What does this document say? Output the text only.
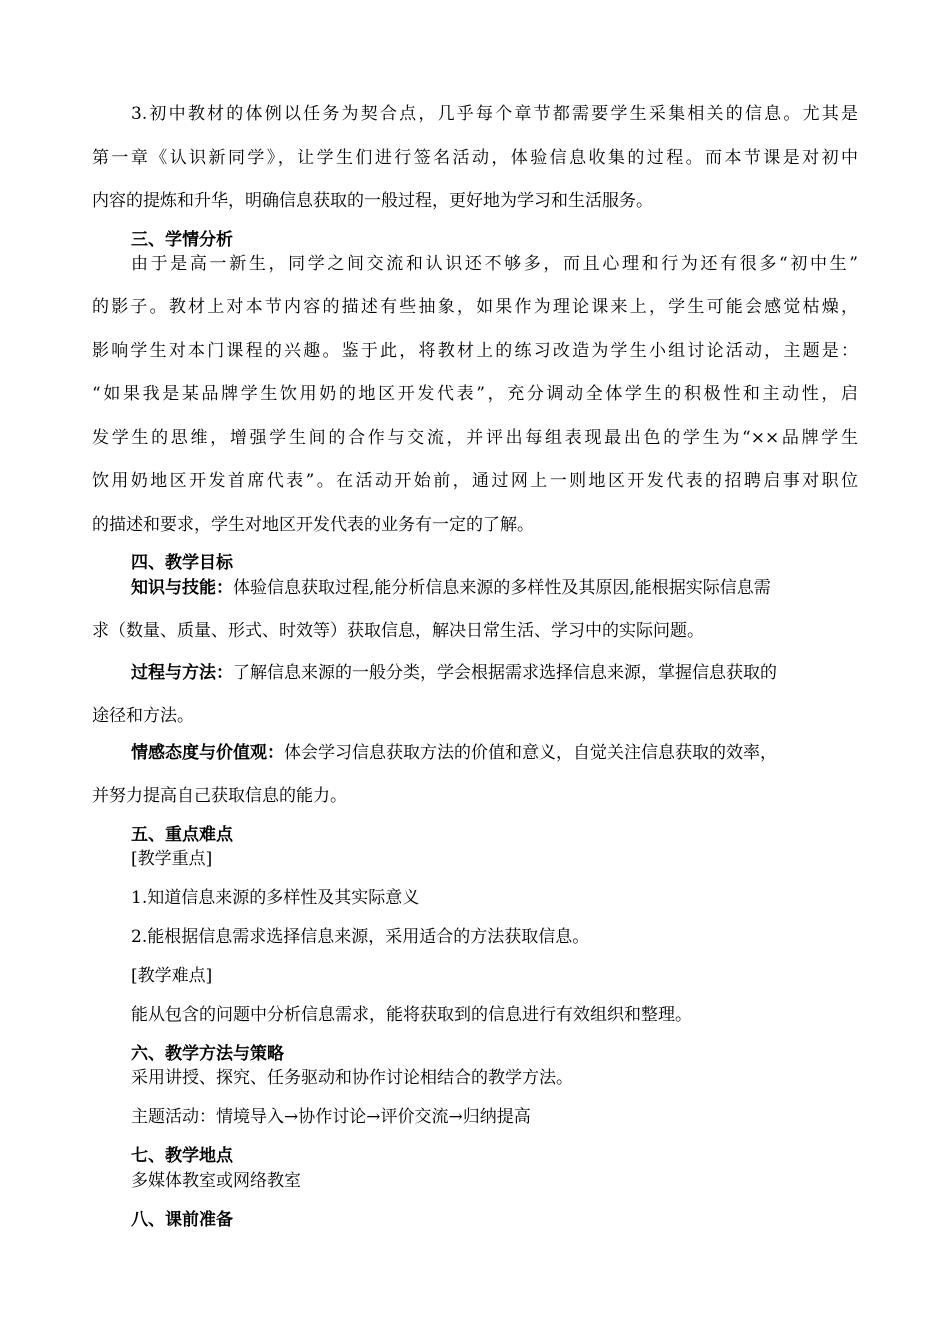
3.初中教材的体例以任务为契合点，几乎每个章节都需要学生采集相关的信息。尤其是
第一章《认识新同学》，让学生们进行签名活动，体验信息收集的过程。而本节课是对初中
内容的提炼和升华，明确信息获取的一般过程，更好地为学习和生活服务。
三、学情分析
由于是高一新生，同学之间交流和认识还不够多，而且心理和行为还有很多“初中生”
的影子。教材上对本节内容的描述有些抽象，如果作为理论课来上，学生可能会感觉枯燥，
影响学生对本门课程的兴趣。鉴于此，将教材上的练习改造为学生小组讨论活动，主题是：
“如果我是某品牌学生饮用奶的地区开发代表”，充分调动全体学生的积极性和主动性，启
发学生的思维，增强学生间的合作与交流，并评出每组表现最出色的学生为“××品牌学生
饮用奶地区开发首席代表”。在活动开始前，通过网上一则地区开发代表的招聘启事对职位
的描述和要求，学生对地区开发代表的业务有一定的了解。
四、教学目标
知识与技能：体验信息获取过程,能分析信息来源的多样性及其原因,能根据实际信息需
求（数量、质量、形式、时效等）获取信息，解决日常生活、学习中的实际问题。
过程与方法：了解信息来源的一般分类，学会根据需求选择信息来源，掌握信息获取的
途径和方法。
情感态度与价值观：体会学习信息获取方法的价值和意义，自觉关注信息获取的效率，
并努力提高自己获取信息的能力。
五、重点难点
[教学重点]
1.知道信息来源的多样性及其实际意义
2.能根据信息需求选择信息来源，采用适合的方法获取信息。
[教学难点]
能从包含的问题中分析信息需求，能将获取到的信息进行有效组织和整理。
六、教学方法与策略
采用讲授、探究、任务驱动和协作讨论相结合的教学方法。
主题活动：情境导入→协作讨论→评价交流→归纳提高
七、教学地点
多媒体教室或网络教室
八、课前准备
